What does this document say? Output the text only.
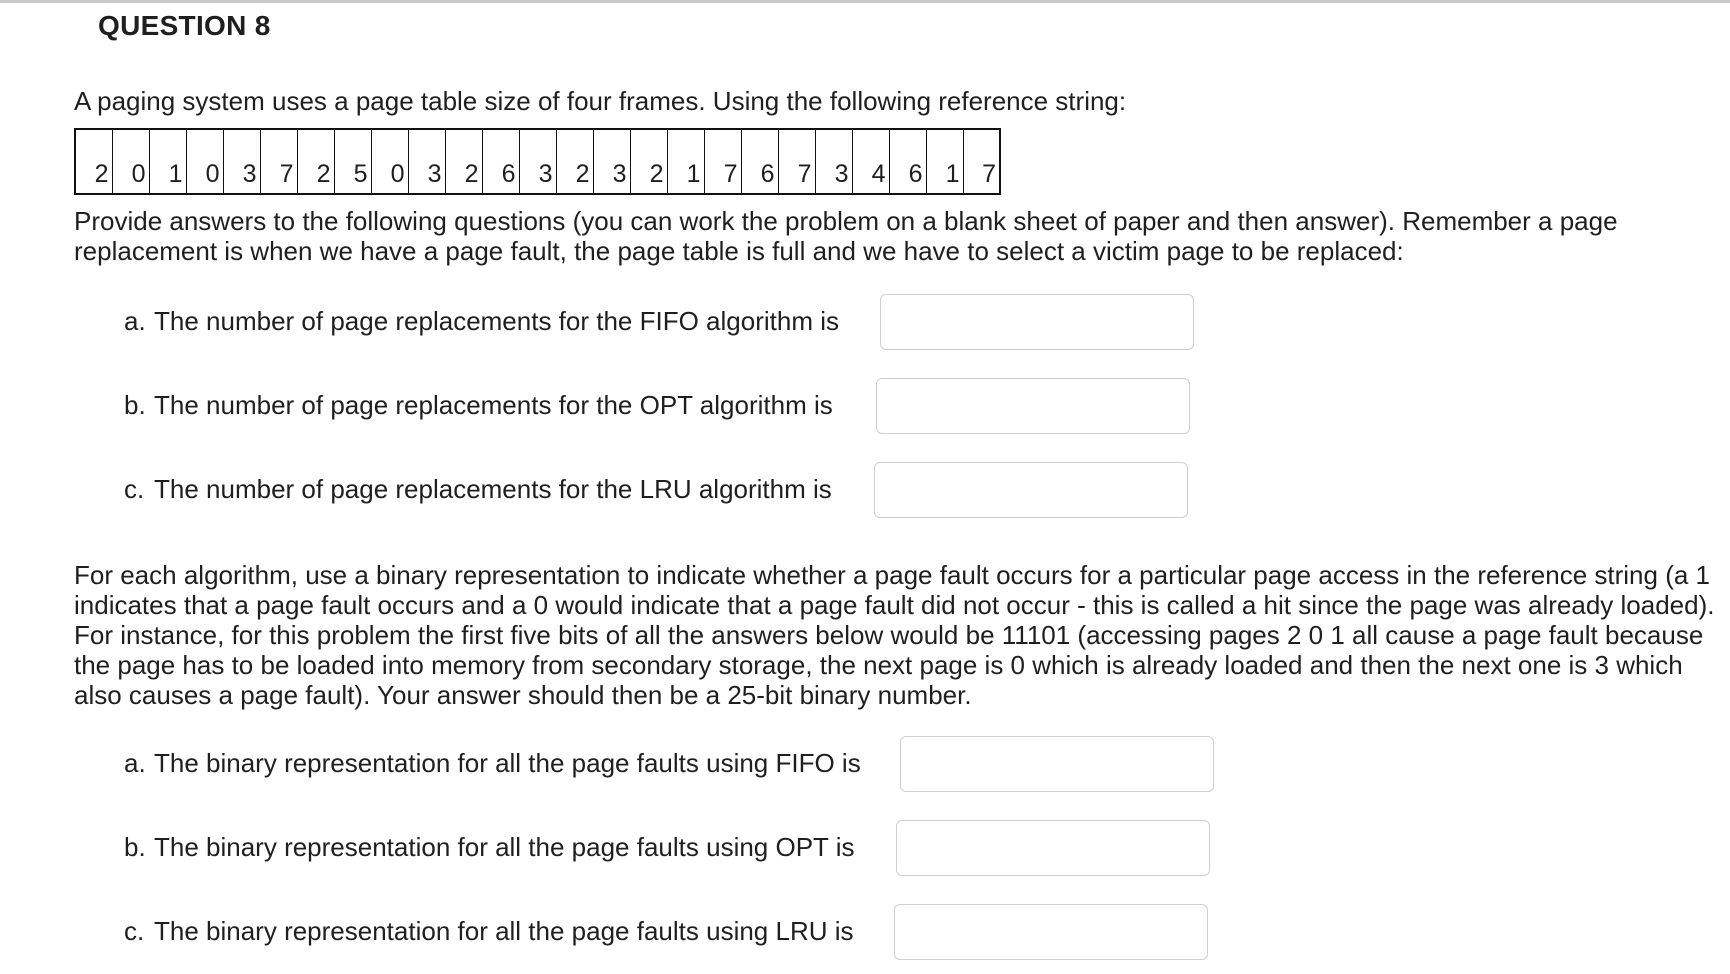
QUESTION 8

A paging system uses a page table size of four frames. Using the following reference string:

2	0	1	0	3	7	2	5	0	3	2	6	3	2	3	2	1	7	6	7	3	4	6	1	7

Provide answers to the following questions (you can work the problem on a blank sheet of paper and then answer). Remember a page replacement is when we have a page fault, the page table is full and we have to select a victim page to be replaced:

a. The number of page replacements for the FIFO algorithm is
b. The number of page replacements for the OPT algorithm is
c. The number of page replacements for the LRU algorithm is

For each algorithm, use a binary representation to indicate whether a page fault occurs for a particular page access in the reference string (a 1 indicates that a page fault occurs and a 0 would indicate that a page fault did not occur - this is called a hit since the page was already loaded). For instance, for this problem the first five bits of all the answers below would be 11101 (accessing pages 2 0 1 all cause a page fault because the page has to be loaded into memory from secondary storage, the next page is 0 which is already loaded and then the next one is 3 which also causes a page fault). Your answer should then be a 25-bit binary number.

a. The binary representation for all the page faults using FIFO is
b. The binary representation for all the page faults using OPT is
c. The binary representation for all the page faults using LRU is
